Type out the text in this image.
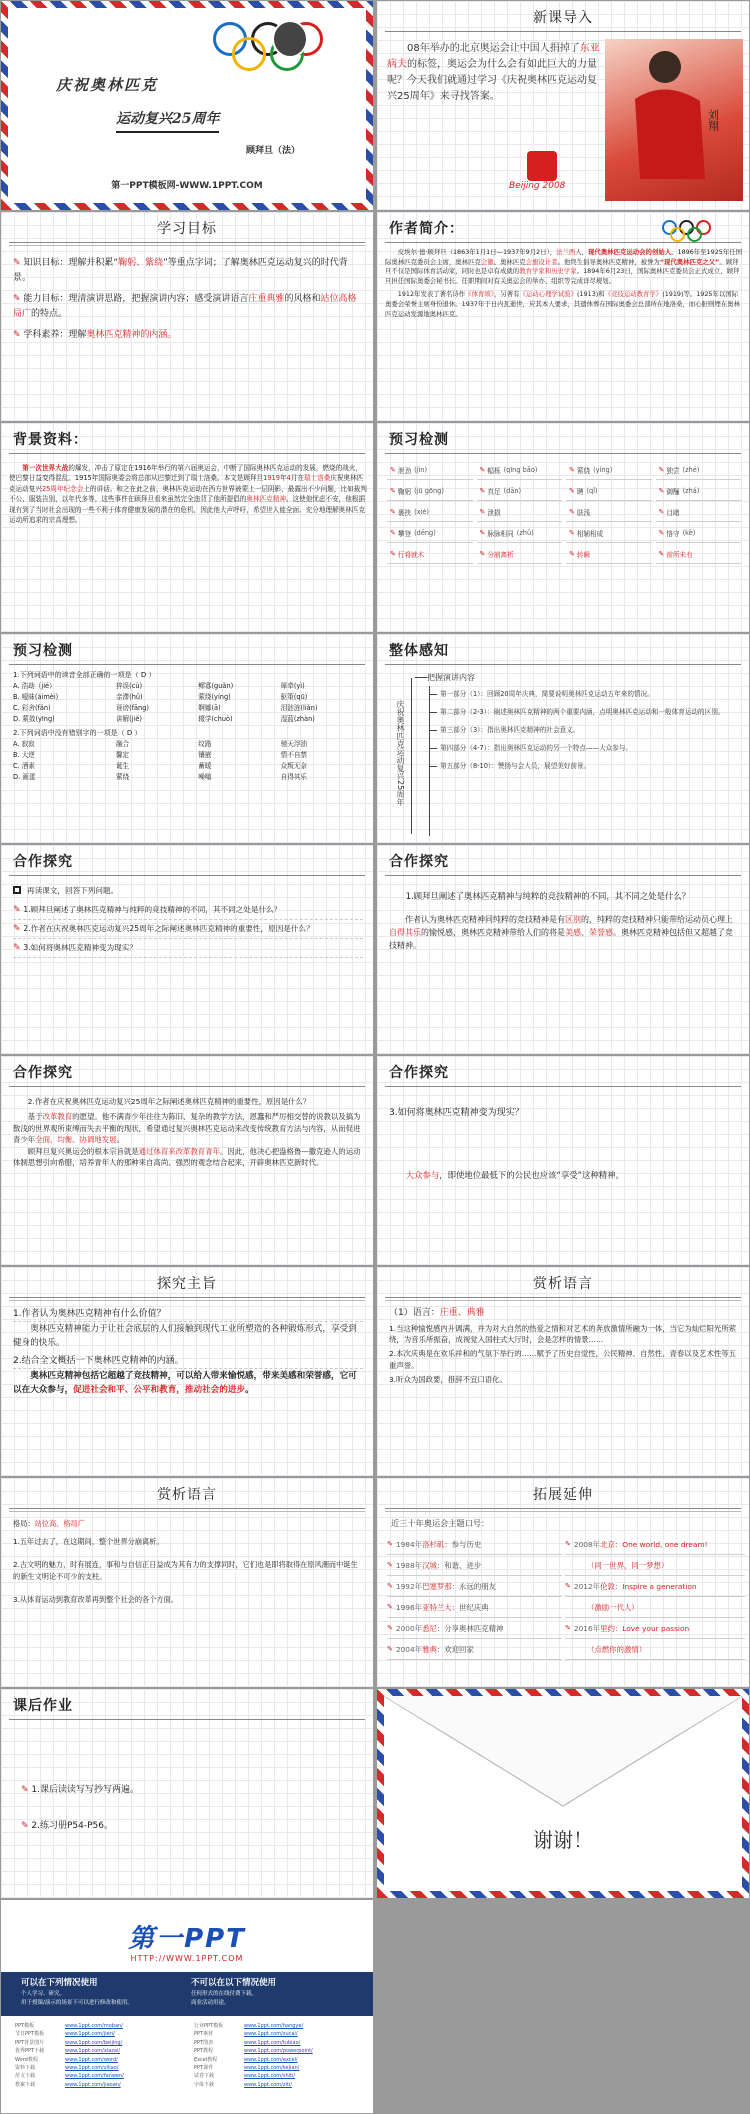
庆祝奥林匹克
运动复兴25周年
顾拜旦（法）
第一PPT模板网-WWW.1PPT.COM
新课导入
08年举办的北京奥运会让中国人捐掉了东亚病夫的标签，奥运会为什么会有如此巨大的力量呢？今天我们就通过学习《庆祝奥林匹克运动复兴25周年》来寻找答案。
刘翔
Beijing 2008
学习目标
✎ 知识目标：理解并积累“鞠躬、紫绕”等重点字词；了解奥林匹克运动复兴的时代背景。
✎ 能力目标：理清演讲思路，把握演讲内容；感受演讲语言庄重典雅的风格和站位高格局广的特点。
✎ 学科素养：理解奥林匹克精神的内涵。
作者简介：

皮埃尔·德·顾拜旦（1863年1月1日—1937年9月2日），法兰西人，现代奥林匹克运动会的创始人。1896年至1925年任国际奥林匹克委员会主席，奥林匹克会徽、奥林匹克会旗设计者。他终生倡导奥林匹克精神，被誉为“现代奥林匹克之父”。顾拜旦不仅是国际体育活动家，同时也是卓有成就的教育学家和历史学家。1894年6月23日，国际奥林匹克委员会正式成立，顾拜旦担任国际奥委会秘书长。任职期间对有关奥运会的举办、组织等完成详尽规划。

1912年发表了著名诗作《体育颂》，另著有《运动心理学试验》(1913)和《竞技运动教育学》(1919)等。1925年以国际奥委会荣誉主席身份退休。1937年于日内瓦逝世，应其本人要求，其遗体葬在国际奥委会总部所在地洛桑，而心脏则埋在奥林匹克运动发源地奥林匹克。

背景资料：
第一次世界大战的爆发，冲击了原定在1916年举行的第六届奥运会，中断了国际奥林匹克运动的发展，燃烧的战火，使巴黎日益变得混乱。1915年国际奥委会将总部从巴黎迁到了瑞士洛桑。本文是顾拜旦1919年4月在瑞士洛桑庆祝奥林匹克运动复兴25周年纪念会上的讲话。和之在此之前，奥林匹克运动在西方世界被蒙上一层阴影，最露出不少问题，比如裁判不公、服装告别，以年代多等，这些事件在顾拜旦看来虽然完全违背了他所提倡的奥林匹克精神。这使他忧虑不安，他根据现有到了当时社会出现的一些不利于体育健康发展的潜在的危机，因此他大声呼吁，希望世人能全面、充分地理解奥林匹克运动所追求的宗高理想。
预习检测
✎ 泄劲 (jìn)	✎ 幅栎 (qīng bǎo)	✎ 萦绕 (yíng)	✎ 独尝 (zhé)
✎ 鞠躬 (jū gōng)	✎ 真足 (dān)	✎ 聘 (qǐ)	✎ 御酾 (zhá)
✎ 裹挟 (xié)	✎ 泄损	✎ 肤浅	✎ 目睹
✎ 攀登 (dēng)	✎ 脉脉相同 (zhǔ)	✎ 相辅相成	✎ 恪守 (kè)
✎ 行将就木	✎ 分崩离析	✎ 转瞬	✎ 前所未有
预习检测
1.下列词语中的读音全部正确的一项是（ D ）
A. 浩劫（jié）	猝误(cù)	鳏寡(guǎn)	犀牵(yì)
B. 嗳昧(àimèi)	亲滞(hǔ)	萦绕(yíng)	驱策(qū)
C. 彩舍(fǎn)	诬谤(fāng)	婀娜(ā)	泪涟涟(liǎn)
D. 萦敛(yīng)	讲解(jiě)	辍学(chuò)	湿蓝(zhàn)
2.下列词语中没有错别字的一项是（ D ）
A. 寂寂	融合	纹路	驰天浮油
B. 大逆	馨定	镶嵌	情不自禁
C. 酒素	诞生	蓄暖	众叛无奈
D. 画蛋	萦绕	噪嗡	自得其乐
整体感知
庆祝奥林匹克运动复兴25周年
把握演讲内容
第一部分（1）：回顾20周年庆典，简要说明奥林匹克运动五年来的情况。
第二部分（2-3）：阐述奥林匹克精神的两个重要内涵，点明奥林匹克运动和一般体育运动的区别。
第三部分（3）：指出奥林匹克精神的社会意义。
第四部分（4-7）：指出奥林匹克运动的另一个特点——大众参与。
第五部分（8-10）：赞扬与会人员，展望美好前景。
合作探究
再读课文，回答下列问题。
✎ 1.顾拜旦阐述了奥林匹克精神与纯粹的竞技精神的不同，其不同之处是什么？
✎ 2.作者在庆祝奥林匹克运动复兴25周年之际阐述奥林匹克精神的重要性，原因是什么？
✎ 3.如何将奥林匹克精神变为现实？
合作探究
1.顾拜旦阐述了奥林匹克精神与纯粹的竞技精神的不同，其不同之处是什么？
作者认为奥林匹克精神同纯粹的竞技精神是有区别的，纯粹的竞技精神只能带给运动员心理上自得其乐的愉悦感，奥林匹克精神带给人们的将是美感、荣誉感。奥林匹克精神包括但又超越了竞技精神。
合作探究
2.作者在庆祝奥林匹克运动复兴25周年之际阐述奥林匹克精神的重要性，原因是什么？
基于改革教育的愿望。他不满青少年往往为陈旧、复杂的教学方法，恩蠢和严厉相交替的说教以及搞为散浅的世界观所束缚而失去平衡的现状，希望通过复兴奥林匹克运动来改变传统教育方法与内容，从而促进青少年全面、均衡、协调地发展。
顾拜旦复兴奥运会的根本宗旨就是通过体育来改革教育青年。因此，他决心把盎格鲁—撒克逊人的运动体制思想引向希腊，培养青年人的那种来自高尚、强烈的观念结合起来，开辟奥林匹克新时代。
合作探究
3.如何将奥林匹克精神变为现实？
大众参与，即使地位最低下的公民也应该“享受”这种精神。
探究主旨
1.作者认为奥林匹克精神有什么价值？
奥林匹克精神能力于让社会底层的人们接触到现代工业所塑造的各种锻炼形式，享受到健身的快乐。
2.结合全文概括一下奥林匹克精神的内涵。
奥林匹克精神包括它超越了竞技精神，可以给人带来愉悦感，带来美感和荣誉感，它可以在大众参与，促进社会和平、公平和教育，推动社会的进步。
赏析语言
（1）语言：庄重、典雅
1.当这种愉悦感内升调满，并为对大自然的热爱之情和对艺术的奔放激情所融为一体，当它为灿烂阳光所萦绕，为音乐所振奋，成视觉入国柱式大厅时，会是怎样的情景……
2.本次庆典是在欢乐祥和的气氛下举行的……赋予了历史自觉性，公民精神、自然性、青春以及艺术性等五重声誉。
3.听众为国政要，措辞不宜口语化。
赏析语言
格局：站位高、格局广
1.五年过去了，在这期间，整个世界分崩离析。
2.古文明的魅力，时有展连，事和与自信正日益成为其有力的支撑同时，它们也是即将取得在原风潮而中诞生的新生文明论不可少的支柱。
3.从体育运动到教育改革再到整个社会的各个方面。
拓展延伸
近三十年奥运会主题口号：
✎ 1984年 洛杉矶 ：参与历史
✎ 1988年 汉城 ：和谐、进步
✎ 1992年 巴塞罗那 ：永远的朋友
✎ 1996年 亚特兰大 ：世纪庆典
✎ 2000年 悉尼 ：分享奥林匹克精神
✎ 2004年 雅典 ：欢迎回家
✎ 2008年 北京 ：One world, one dream!
（同一世界，同一梦想）
✎ 2012年 伦敦 ：Inspire a generation
（激励一代人）
✎ 2016年 里约 ：Love your passion
（点燃你的激情）
课后作业
✎ 1.课后读读写写抄写两遍。
✎ 2.练习册P54-P56。
谢谢！
第一PPT
HTTP://WWW.1PPT.COM
可以在下列情况使用
个人学习、研究。
用于授课/演示的场景下可以进行修改和使用。
不可以在以下情况使用
任何形式的在线付费下载。
商业活动用途。
PPT模板	www.1ppt.com/moban/	行业PPT模板	www.1ppt.com/hangye/
节日PPT模板	www.1ppt.com/jieri/	PPT素材	www.1ppt.com/sucai/
PPT背景图片	www.1ppt.com/beijing/	PPT图表	www.1ppt.com/tubiao/
优秀PPT下载	www.1ppt.com/xiazai/	PPT教程	www.1ppt.com/powerpoint/
Word教程	www.1ppt.com/word/	Excel教程	www.1ppt.com/excel/
资料下载	www.1ppt.com/ziliao/	PPT课件	www.1ppt.com/kejian/
范文下载	www.1ppt.com/fanwen/	试卷下载	www.1ppt.com/shiti/
教案下载	www.1ppt.com/jiaoan/	字体下载	www.1ppt.com/ziti/
